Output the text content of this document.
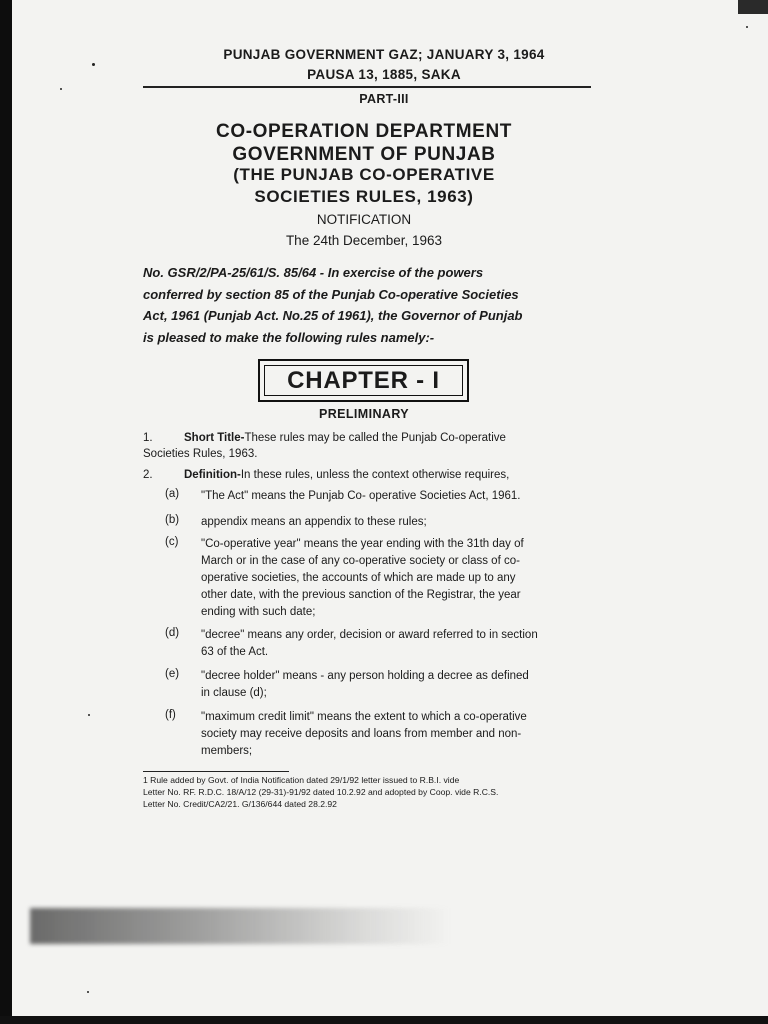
PUNJAB GOVERNMENT GAZ; JANUARY 3, 1964
PAUSA 13, 1885, SAKA
PART-III
CO-OPERATION DEPARTMENT
GOVERNMENT OF PUNJAB
(THE PUNJAB CO-OPERATIVE
SOCIETIES RULES, 1963)
NOTIFICATION
The 24th December, 1963
No. GSR/2/PA-25/61/S. 85/64 - In exercise of the powers
conferred by section 85 of the Punjab Co-operative Societies
Act, 1961 (Punjab Act. No.25 of 1961), the Governor of Punjab
is pleased to make the following rules namely:-
CHAPTER - I
PRELIMINARY
1.	Short Title-These rules may be called the Punjab Co-operative
Societies Rules, 1963.
2.	Definition-In these rules, unless the context otherwise requires,
(a) "The Act" means the Punjab Co- operative Societies Act, 1961.
(b) appendix means an appendix to these rules;
(c) "Co-operative year" means the year ending with the 31th day of
March or in the case of any co-operative society or class of co-
operative societies, the accounts of which are made up to any
other date, with the previous sanction of the Registrar, the year
ending with such date;
(d) "decree" means any order, decision or award referred to in section
63 of the Act.
(e) "decree holder" means - any person holding a decree as defined
in clause (d);
(f) "maximum credit limit" means the extent to which a co-operative
society may receive deposits and loans from member and non-
members;
1 Rule added by Govt. of India Notification dated 29/1/92 letter issued to R.B.I. vide
Letter No. RF. R.D.C. 18/A/12 (29-31)-91/92 dated 10.2.92 and adopted by Coop. vide R.C.S.
Letter No. Credit/CA2/21. G/136/644 dated 28.2.92
